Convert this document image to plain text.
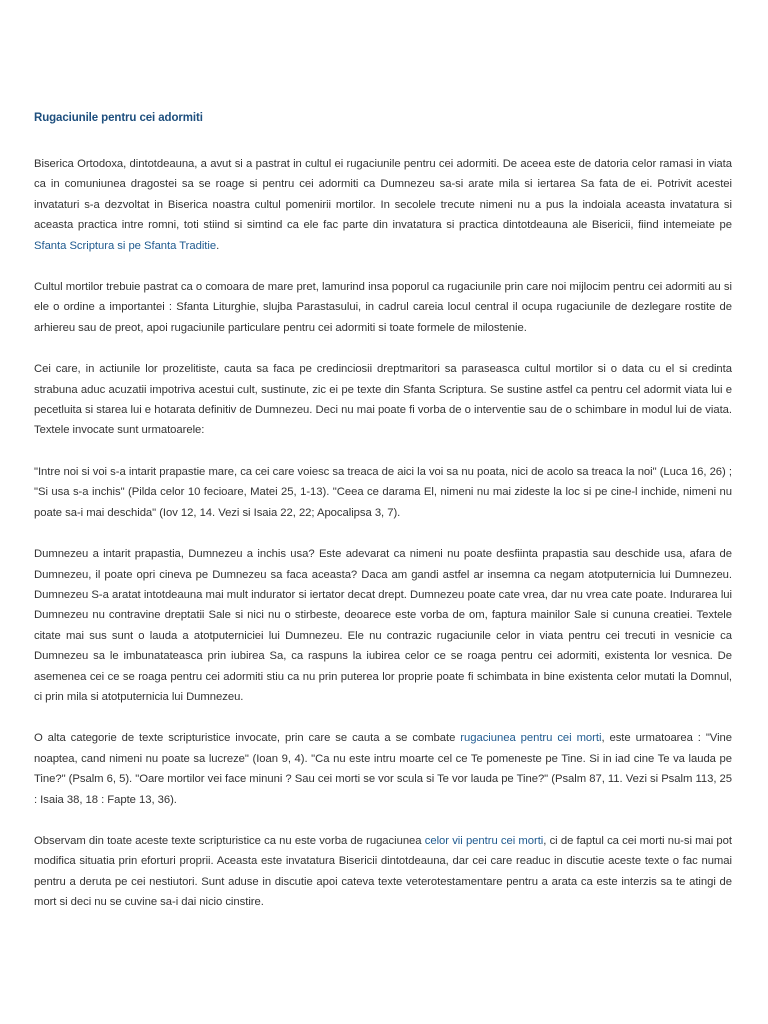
Rugaciunile pentru cei adormiti

Biserica Ortodoxa, dintotdeauna, a avut si a pastrat in cultul ei rugaciunile pentru cei adormiti. De aceea este de datoria celor ramasi in viata ca in comuniunea dragostei sa se roage si pentru cei adormiti ca Dumnezeu sa-si arate mila si iertarea Sa fata de ei. Potrivit acestei invataturi s-a dezvoltat in Biserica noastra cultul pomenirii mortilor. In secolele trecute nimeni nu a pus la indoiala aceasta invatatura si aceasta practica intre romni, toti stiind si simtind ca ele fac parte din invatatura si practica dintotdeauna ale Bisericii, fiind intemeiate pe Sfanta Scriptura si pe Sfanta Traditie.

Cultul mortilor trebuie pastrat ca o comoara de mare pret, lamurind insa poporul ca rugaciunile prin care noi mijlocim pentru cei adormiti au si ele o ordine a importantei : Sfanta Liturghie, slujba Parastasului, in cadrul careia locul central il ocupa rugaciunile de dezlegare rostite de arhiereu sau de preot, apoi rugaciunile particulare pentru cei adormiti si toate formele de milostenie.

Cei care, in actiunile lor prozelitiste, cauta sa faca pe credinciosii dreptmaritori sa paraseasca cultul mortilor si o data cu el si credinta strabuna aduc acuzatii impotriva acestui cult, sustinute, zic ei pe texte din Sfanta Scriptura. Se sustine astfel ca pentru cel adormit viata lui e pecetluita si starea lui e hotarata definitiv de Dumnezeu. Deci nu mai poate fi vorba de o interventie sau de o schimbare in modul lui de viata. Textele invocate sunt urmatoarele:

"Intre noi si voi s-a intarit prapastie mare, ca cei care voiesc sa treaca de aici la voi sa nu poata, nici de acolo sa treaca la noi" (Luca 16, 26) ; "Si usa s-a inchis" (Pilda celor 10 fecioare, Matei 25, 1-13). "Ceea ce darama El, nimeni nu mai zideste la loc si pe cine-l inchide, nimeni nu poate sa-i mai deschida" (Iov 12, 14. Vezi si Isaia 22, 22; Apocalipsa 3, 7).

Dumnezeu a intarit prapastia, Dumnezeu a inchis usa? Este adevarat ca nimeni nu poate desfiinta prapastia sau deschide usa, afara de Dumnezeu, il poate opri cineva pe Dumnezeu sa faca aceasta? Daca am gandi astfel ar insemna ca negam atotputernicia lui Dumnezeu. Dumnezeu S-a aratat intotdeauna mai mult indurator si iertator decat drept. Dumnezeu poate cate vrea, dar nu vrea cate poate. Indurarea lui Dumnezeu nu contravine dreptatii Sale si nici nu o stirbeste, deoarece este vorba de om, faptura mainilor Sale si cununa creatiei. Textele citate mai sus sunt o lauda a atotputerniciei lui Dumnezeu. Ele nu contrazic rugaciunile celor in viata pentru cei trecuti in vesnicie ca Dumnezeu sa le imbunatateasca prin iubirea Sa, ca raspuns la iubirea celor ce se roaga pentru cei adormiti, existenta lor vesnica. De asemenea cei ce se roaga pentru cei adormiti stiu ca nu prin puterea lor proprie poate fi schimbata in bine existenta celor mutati la Domnul, ci prin mila si atotputernicia lui Dumnezeu.

O alta categorie de texte scripturistice invocate, prin care se cauta a se combate rugaciunea pentru cei morti, este urmatoarea : "Vine noaptea, cand nimeni nu poate sa lucreze" (Ioan 9, 4). "Ca nu este intru moarte cel ce Te pomeneste pe Tine. Si in iad cine Te va lauda pe Tine?" (Psalm 6, 5). "Oare mortilor vei face minuni ? Sau cei morti se vor scula si Te vor lauda pe Tine?" (Psalm 87, 11. Vezi si Psalm 113, 25 : Isaia 38, 18 : Fapte 13, 36).

Observam din toate aceste texte scripturistice ca nu este vorba de rugaciunea celor vii pentru cei morti, ci de faptul ca cei morti nu-si mai pot modifica situatia prin eforturi proprii. Aceasta este invatatura Bisericii dintotdeauna, dar cei care readuc in discutie aceste texte o fac numai pentru a deruta pe cei nestiutori. Sunt aduse in discutie apoi cateva texte veterotestamentare pentru a arata ca este interzis sa te atingi de mort si deci nu se cuvine sa-i dai nicio cinstire.
